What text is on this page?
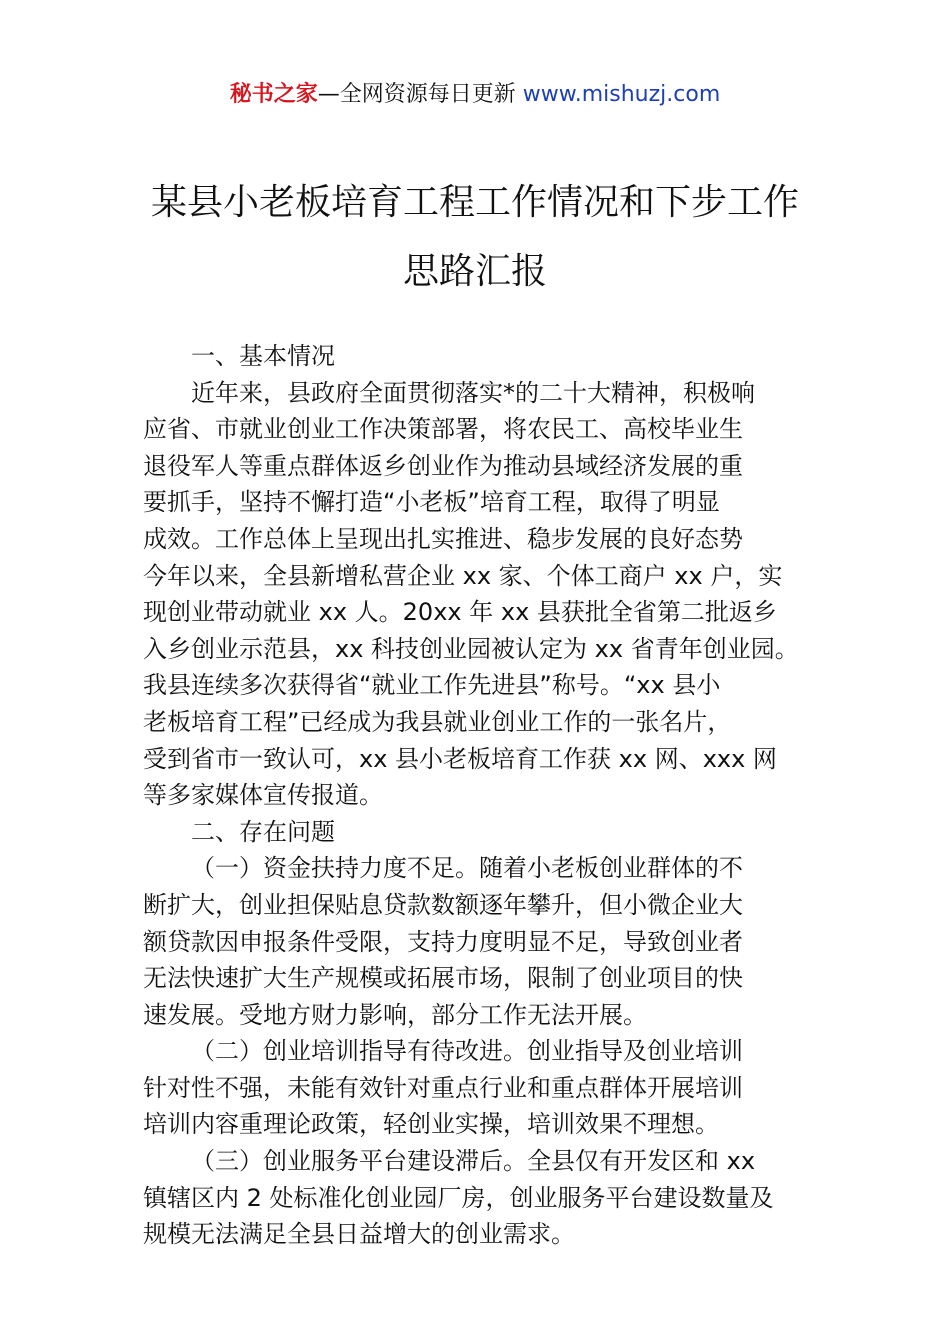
秘书之家—全网资源每日更新 www.mishuzj.com
某县小老板培育工程工作情况和下步工作
思路汇报
一、基本情况
近年来，县政府全面贯彻落实*的二十大精神，积极响
应省、市就业创业工作决策部署，将农民工、高校毕业生
退役军人等重点群体返乡创业作为推动县域经济发展的重
要抓手，坚持不懈打造“小老板”培育工程，取得了明显
成效。工作总体上呈现出扎实推进、稳步发展的良好态势
今年以来，全县新增私营企业 xx 家、个体工商户 xx 户，实
现创业带动就业 xx 人。20xx 年 xx 县获批全省第二批返乡
入乡创业示范县，xx 科技创业园被认定为 xx 省青年创业园。
我县连续多次获得省“就业工作先进县”称号。“xx 县小
老板培育工程”已经成为我县就业创业工作的一张名片，
受到省市一致认可，xx 县小老板培育工作获 xx 网、xxx 网
等多家媒体宣传报道。
二、存在问题
（一）资金扶持力度不足。随着小老板创业群体的不
断扩大，创业担保贴息贷款数额逐年攀升，但小微企业大
额贷款因申报条件受限，支持力度明显不足，导致创业者
无法快速扩大生产规模或拓展市场，限制了创业项目的快
速发展。受地方财力影响，部分工作无法开展。
（二）创业培训指导有待改进。创业指导及创业培训
针对性不强，未能有效针对重点行业和重点群体开展培训
培训内容重理论政策，轻创业实操，培训效果不理想。
（三）创业服务平台建设滞后。全县仅有开发区和 xx
镇辖区内 2 处标准化创业园厂房，创业服务平台建设数量及
规模无法满足全县日益增大的创业需求。
